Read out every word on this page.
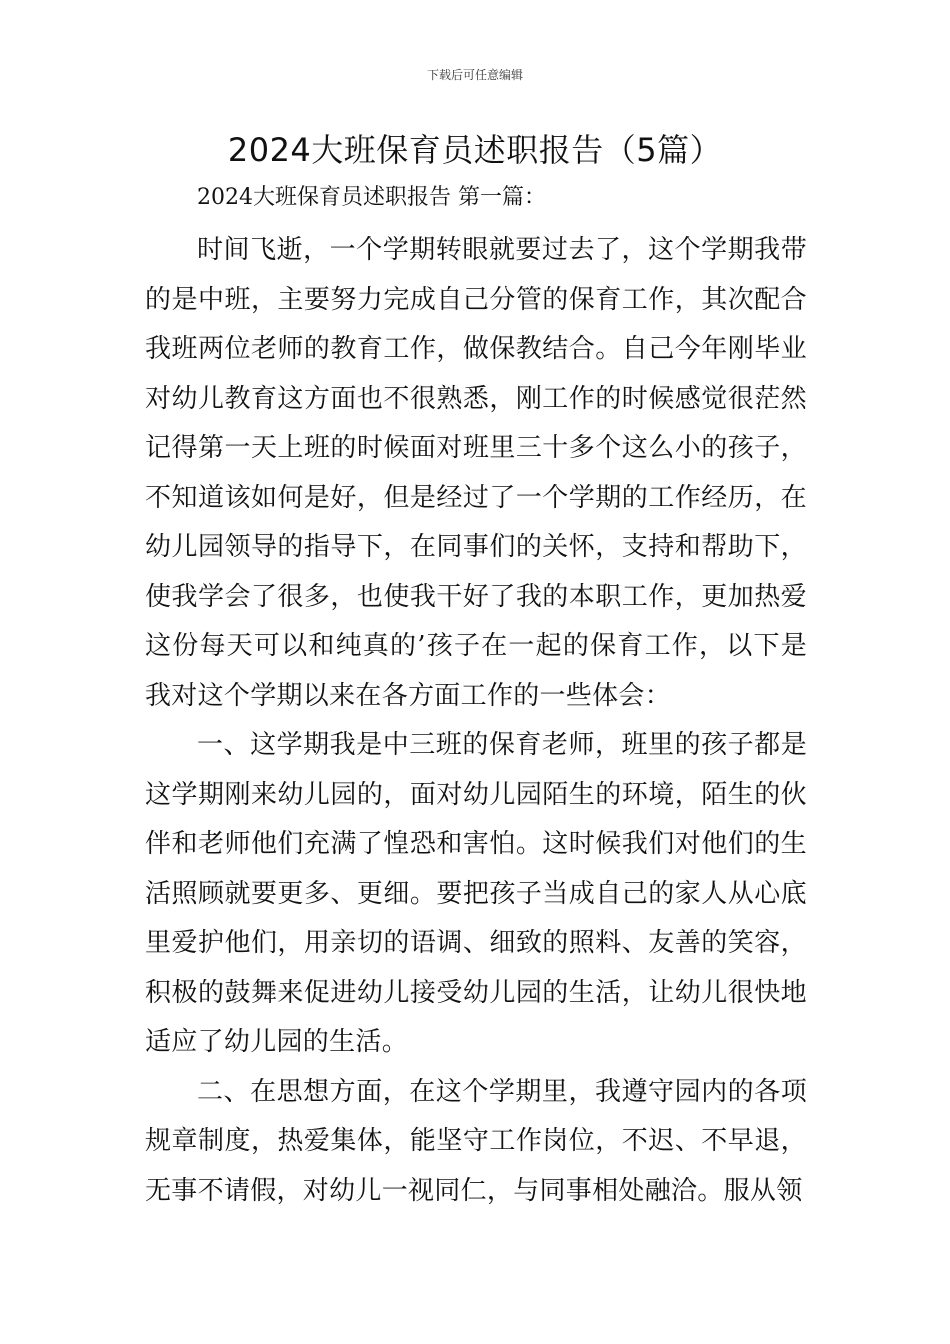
下载后可任意编辑
2024大班保育员述职报告（5篇）
2024大班保育员述职报告 第一篇：

时间飞逝，一个学期转眼就要过去了，这个学期我带的是中班，主要努力完成自己分管的保育工作，其次配合我班两位老师的教育工作，做保教结合。自己今年刚毕业对幼儿教育这方面也不很熟悉，刚工作的时候感觉很茫然记得第一天上班的时候面对班里三十多个这么小的孩子，不知道该如何是好，但是经过了一个学期的工作经历，在幼儿园领导的指导下，在同事们的关怀，支持和帮助下，使我学会了很多，也使我干好了我的本职工作，更加热爱这份每天可以和纯真的’孩子在一起的保育工作，以下是我对这个学期以来在各方面工作的一些体会：

一、这学期我是中三班的保育老师，班里的孩子都是这学期刚来幼儿园的，面对幼儿园陌生的环境，陌生的伙伴和老师他们充满了惶恐和害怕。这时候我们对他们的生活照顾就要更多、更细。要把孩子当成自己的家人从心底里爱护他们，用亲切的语调、细致的照料、友善的笑容，积极的鼓舞来促进幼儿接受幼儿园的生活，让幼儿很快地适应了幼儿园的生活。

二、在思想方面，在这个学期里，我遵守园内的各项规章制度，热爱集体，能坚守工作岗位，不迟、不早退，无事不请假，对幼儿一视同仁，与同事相处融洽。服从领
